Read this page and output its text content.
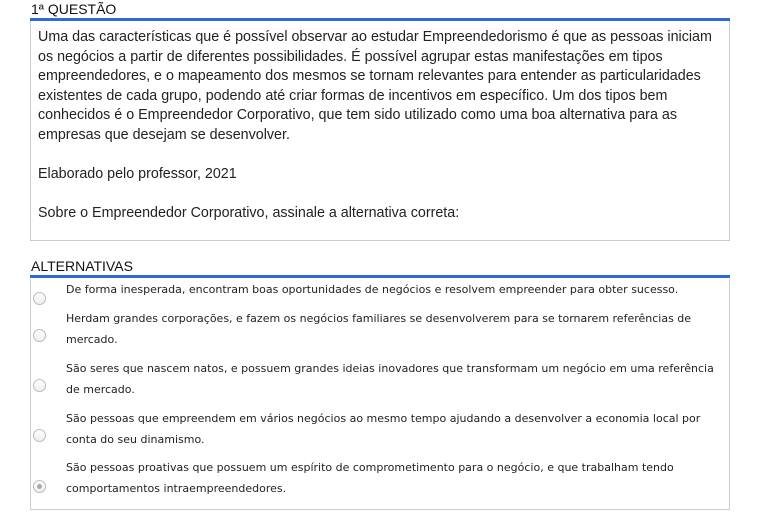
1ª QUESTÃO

Uma das características que é possível observar ao estudar Empreendedorismo é que as pessoas iniciam os negócios a partir de diferentes possibilidades. É possível agrupar estas manifestações em tipos empreendedores, e o mapeamento dos mesmos se tornam relevantes para entender as particularidades existentes de cada grupo, podendo até criar formas de incentivos em específico. Um dos tipos bem conhecidos é o Empreendedor Corporativo, que tem sido utilizado como uma boa alternativa para as empresas que desejam se desenvolver.

Elaborado pelo professor, 2021

Sobre o Empreendedor Corporativo, assinale a alternativa correta:

ALTERNATIVAS
De forma inesperada, encontram boas oportunidades de negócios e resolvem empreender para obter sucesso.
Herdam grandes corporações, e fazem os negócios familiares se desenvolverem para se tornarem referências de mercado.
São seres que nascem natos, e possuem grandes ideias inovadores que transformam um negócio em uma referência de mercado.
São pessoas que empreendem em vários negócios ao mesmo tempo ajudando a desenvolver a economia local por conta do seu dinamismo.
São pessoas proativas que possuem um espírito de comprometimento para o negócio, e que trabalham tendo comportamentos intraempreendedores.
